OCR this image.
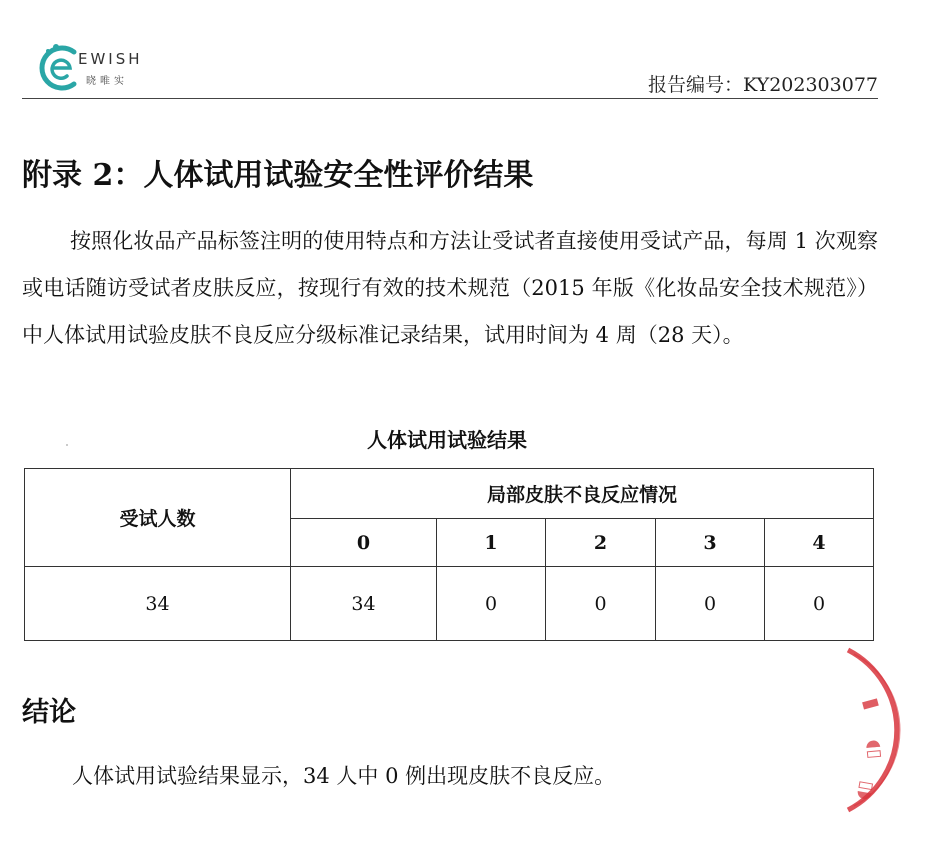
EWISH
晓唯实	报告编号：KY202303077
附录 2：人体试用试验安全性评价结果

按照化妆品产品标签注明的使用特点和方法让受试者直接使用受试产品，每周 1 次观察或电话随访受试者皮肤反应，按现行有效的技术规范（2015 年版《化妆品安全技术规范》）中人体试用试验皮肤不良反应分级标准记录结果，试用时间为 4 周（28 天）。

人体试用试验结果
受试人数	局部皮肤不良反应情况				
	0	1	2	3	4
34	34	0	0	0	0
结论
人体试用试验结果显示，34 人中 0 例出现皮肤不良反应。
▮
◖▯
▯◗
